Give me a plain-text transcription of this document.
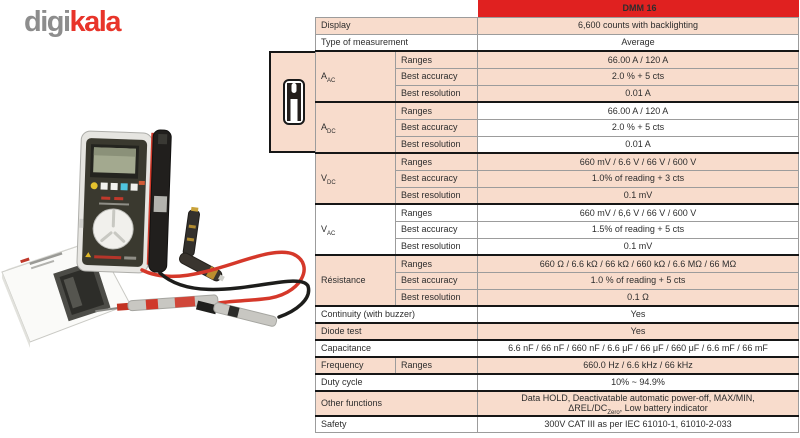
digikala
		DMM 16
Display		6,600 counts with backlighting
Type of measurement		Average
$A_{AC}$	Ranges	66.00 A / 120 A
	Best accuracy	2.0 % + 5 cts
	Best resolution	0.01 A
$A_{DC}$	Ranges	66.00 A / 120 A
	Best accuracy	2.0 % + 5 cts
	Best resolution	0.01 A
$V_{DC}$	Ranges	660 mV / 6.6 V / 66 V / 600 V
	Best accuracy	1.0% of reading + 3 cts
	Best resolution	0.1 mV
$V_{AC}$	Ranges	660 mV / 6,6 V / 66 V / 600 V
	Best accuracy	1.5% of reading + 5 cts
	Best resolution	0.1 mV
Résistance	Ranges	660 Ω / 6.6 kΩ / 66 kΩ / 660 kΩ / 6.6 MΩ / 66 MΩ
	Best accuracy	1.0 % of reading + 5 cts
	Best resolution	0.1 Ω
Continuity (with buzzer)		Yes
Diode test		Yes
Capacitance		6.6 nF / 66 nF / 660 nF / 6.6 μF / 66 μF / 660 μF / 6.6 mF / 66 mF
Frequency	Ranges	660.0 Hz / 6.6 kHz / 66 kHz
Duty cycle		10% ~ 94.9%
Other functions		Data HOLD, Deactivatable automatic power-off, MAX/MIN,
ΔREL/$DC_{Zero}$, Low battery indicator
Safety		300V CAT III as per IEC 61010-1, 61010-2-033
